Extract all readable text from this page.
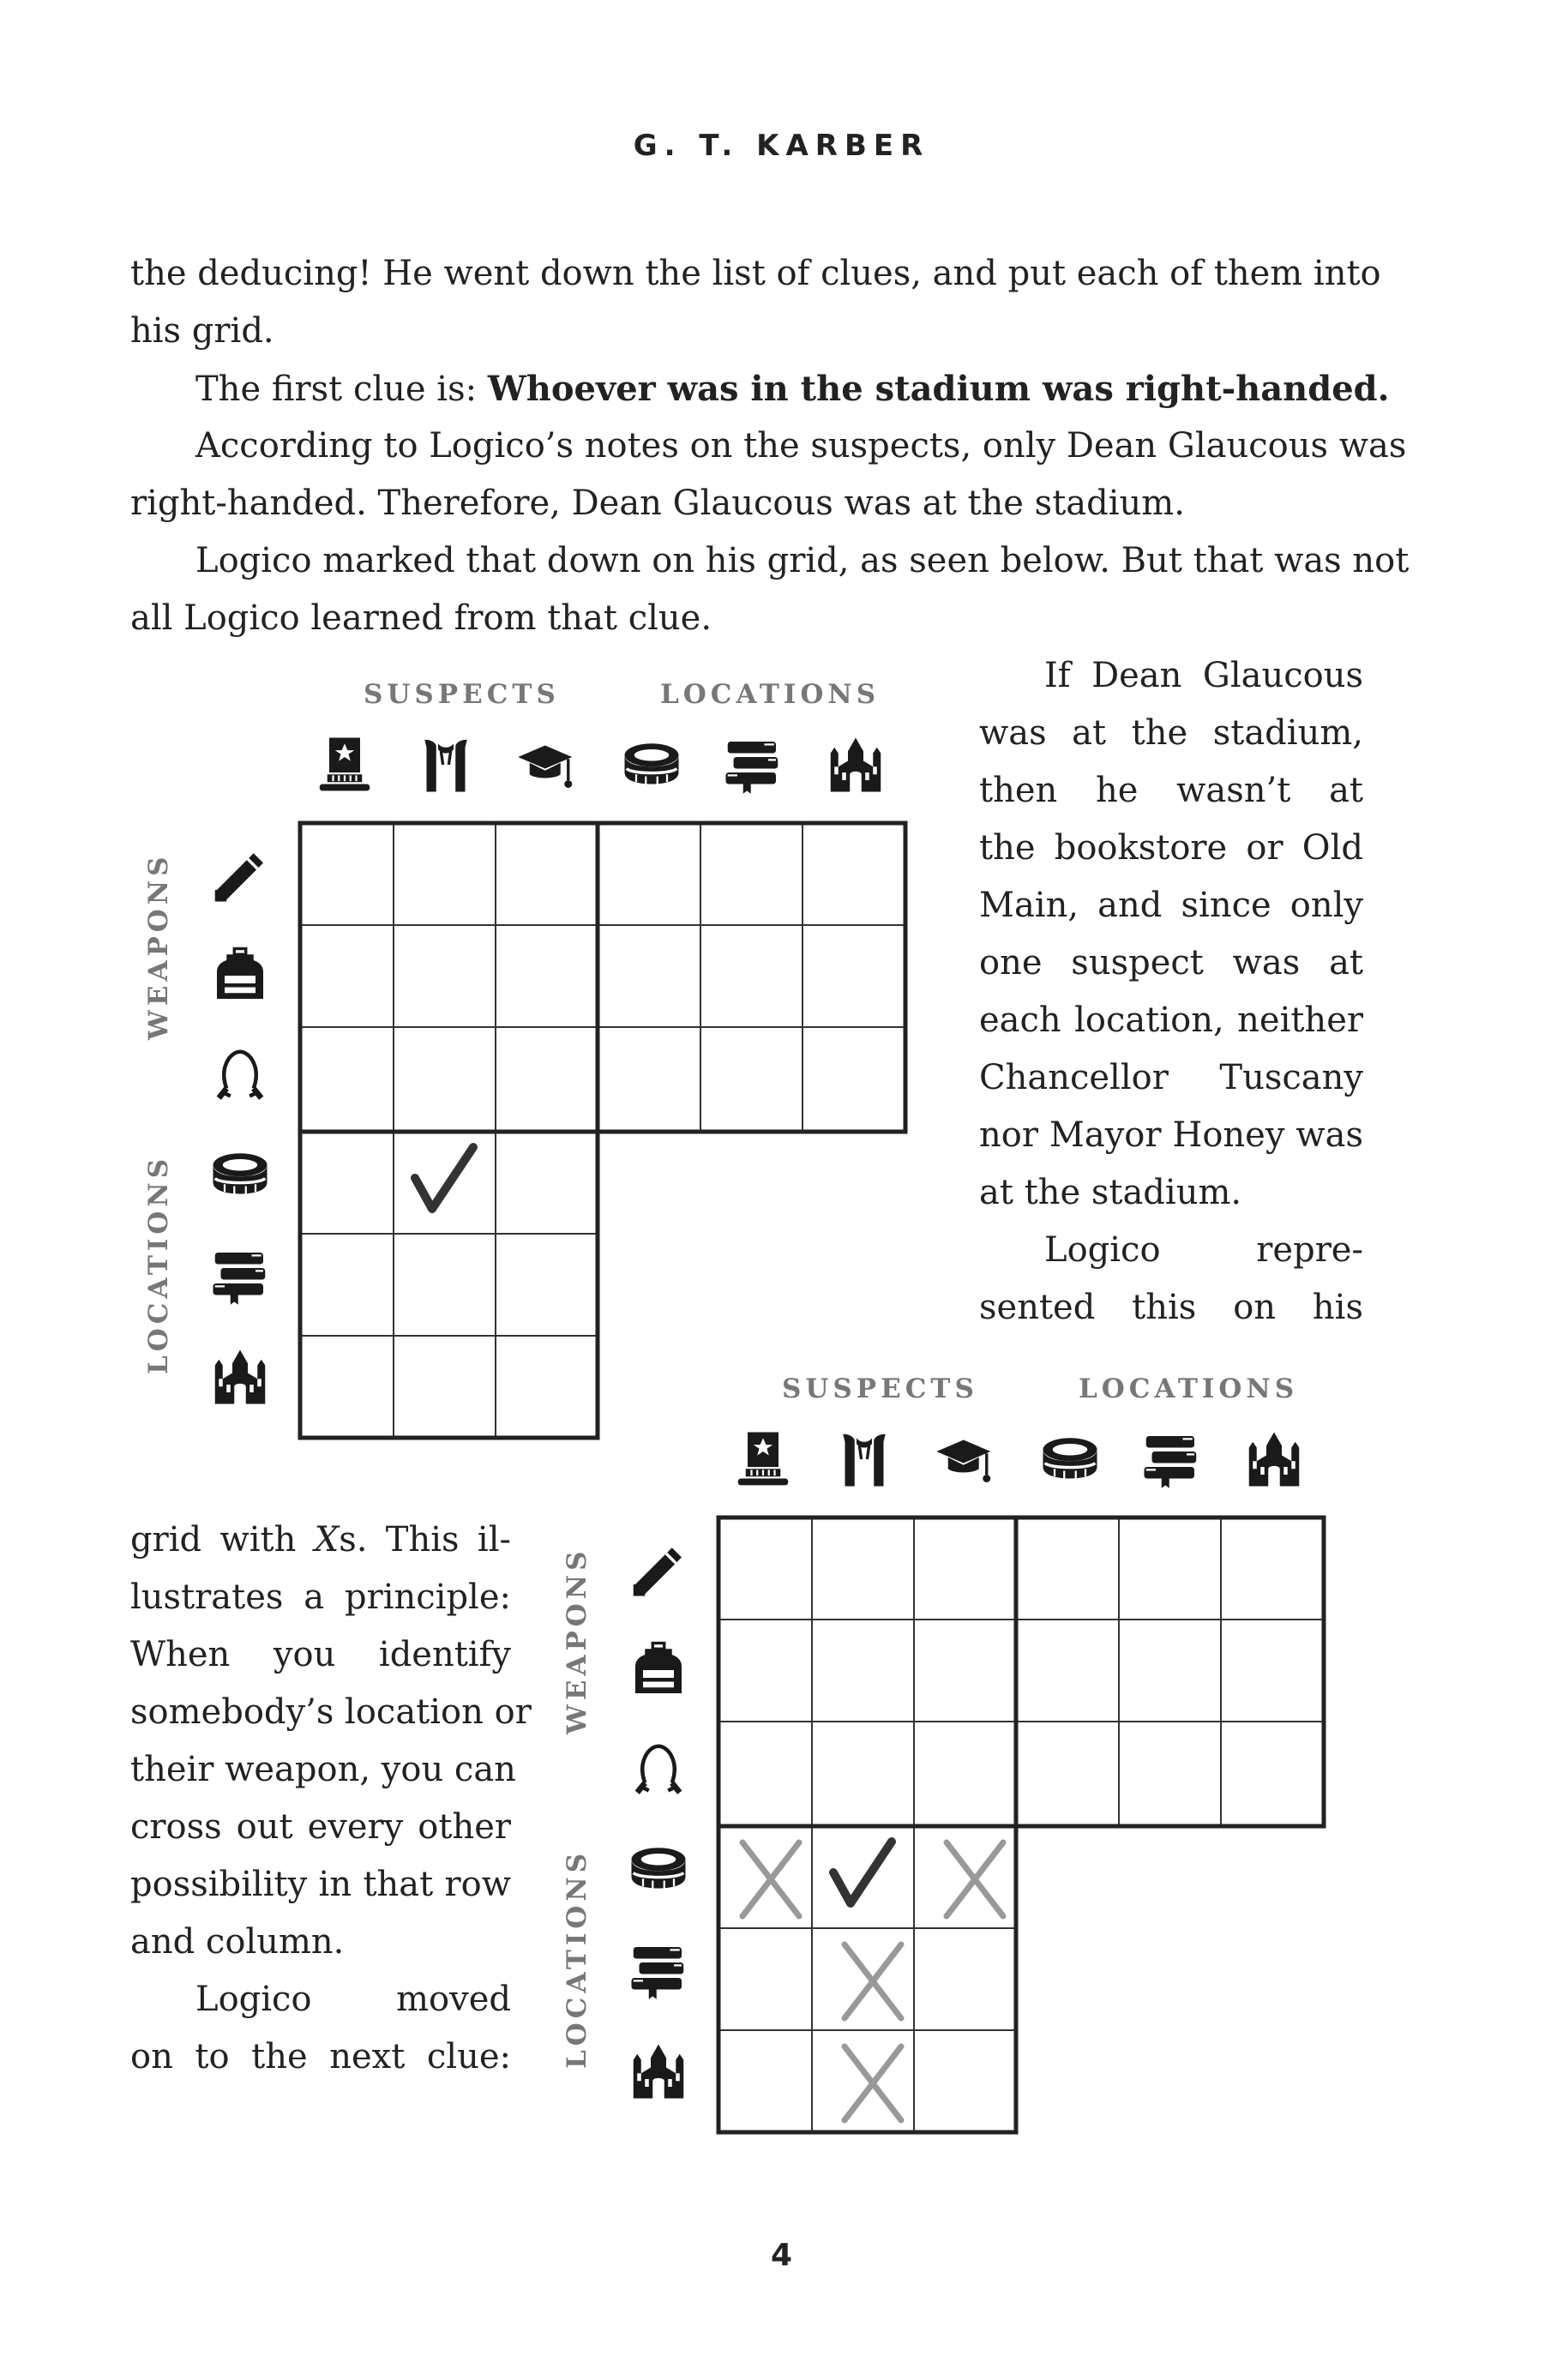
G. T. KARBER
the deducing! He went down the list of clues, and put each of them into
his grid.
The first clue is: Whoever was in the stadium was right-handed.
According to Logico’s notes on the suspects, only Dean Glaucous was
right-handed. Therefore, Dean Glaucous was at the stadium.
Logico marked that down on his grid, as seen below. But that was not
all Logico learned from that clue.
If Dean Glaucous
was at the stadium,
then he wasn’t at
the bookstore or Old
Main, and since only
one suspect was at
each location, neither
Chancellor Tuscany
nor Mayor Honey was
at the stadium.
Logico repre-
sented this on his
grid with Xs. This il-
lustrates a principle:
When you identify
somebody’s location or
their weapon, you can
cross out every other
possibility in that row
and column.
Logico moved
on to the next clue:
SUSPECTS	LOCATIONS
WEAPONS
LOCATIONS
SUSPECTS	LOCATIONS
WEAPONS
LOCATIONS
4
